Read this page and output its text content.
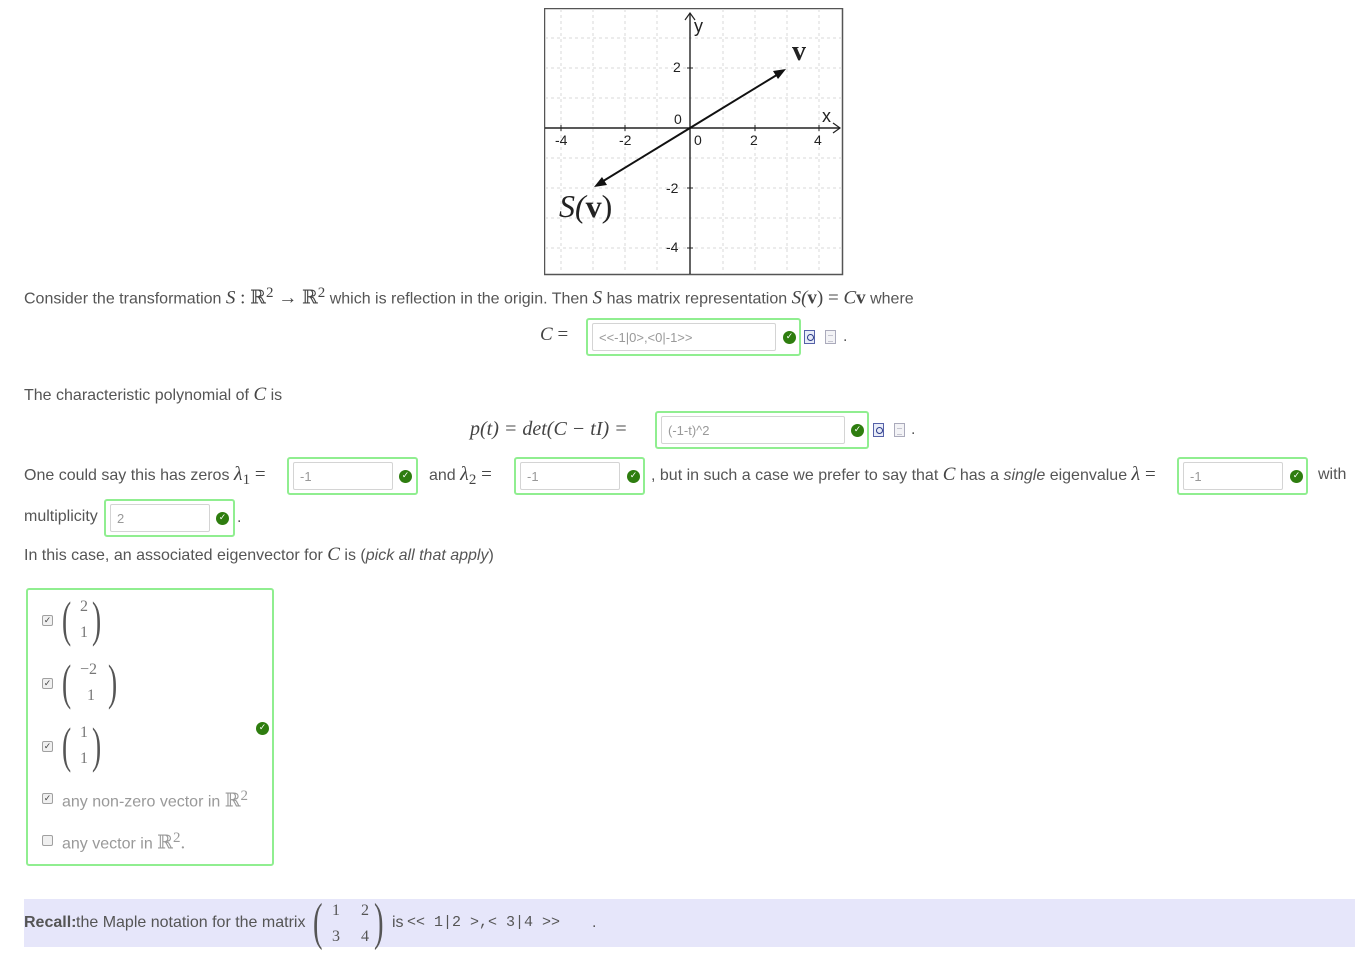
y
x
-4	-2	0	2	4
2
0
-2
-4
v
S(v)
Consider the transformation S : ℝ$^2$ → ℝ$^2$ which is reflection in the origin. Then S has matrix representation S(v) = Cv where
C =
<<-1|0>,<0|-1>>	✓	.
The characteristic polynomial of C is
p(t) = det(C − tI) =
(-1-t)^2	✓	.
One could say this has zeros $\lambda_1$ =
-1	✓ and $\lambda_2$ =
-1	✓ , but in such a case we prefer to say that C has a single eigenvalue λ =
-1	✓ with
multiplicity
2	✓ .
In this case, an associated eigenvector for C is (pick all that apply)
✓ ( 2
1 )
✓ ( −2
1 )
✓ ( 1
1 )
✓ any non-zero vector in ℝ$^2$
any vector in ℝ$^2$.
✓
Recall: the Maple notation for the matrix ( 1 2
3 4 ) is << 1|2 >,< 3|4 >> .
